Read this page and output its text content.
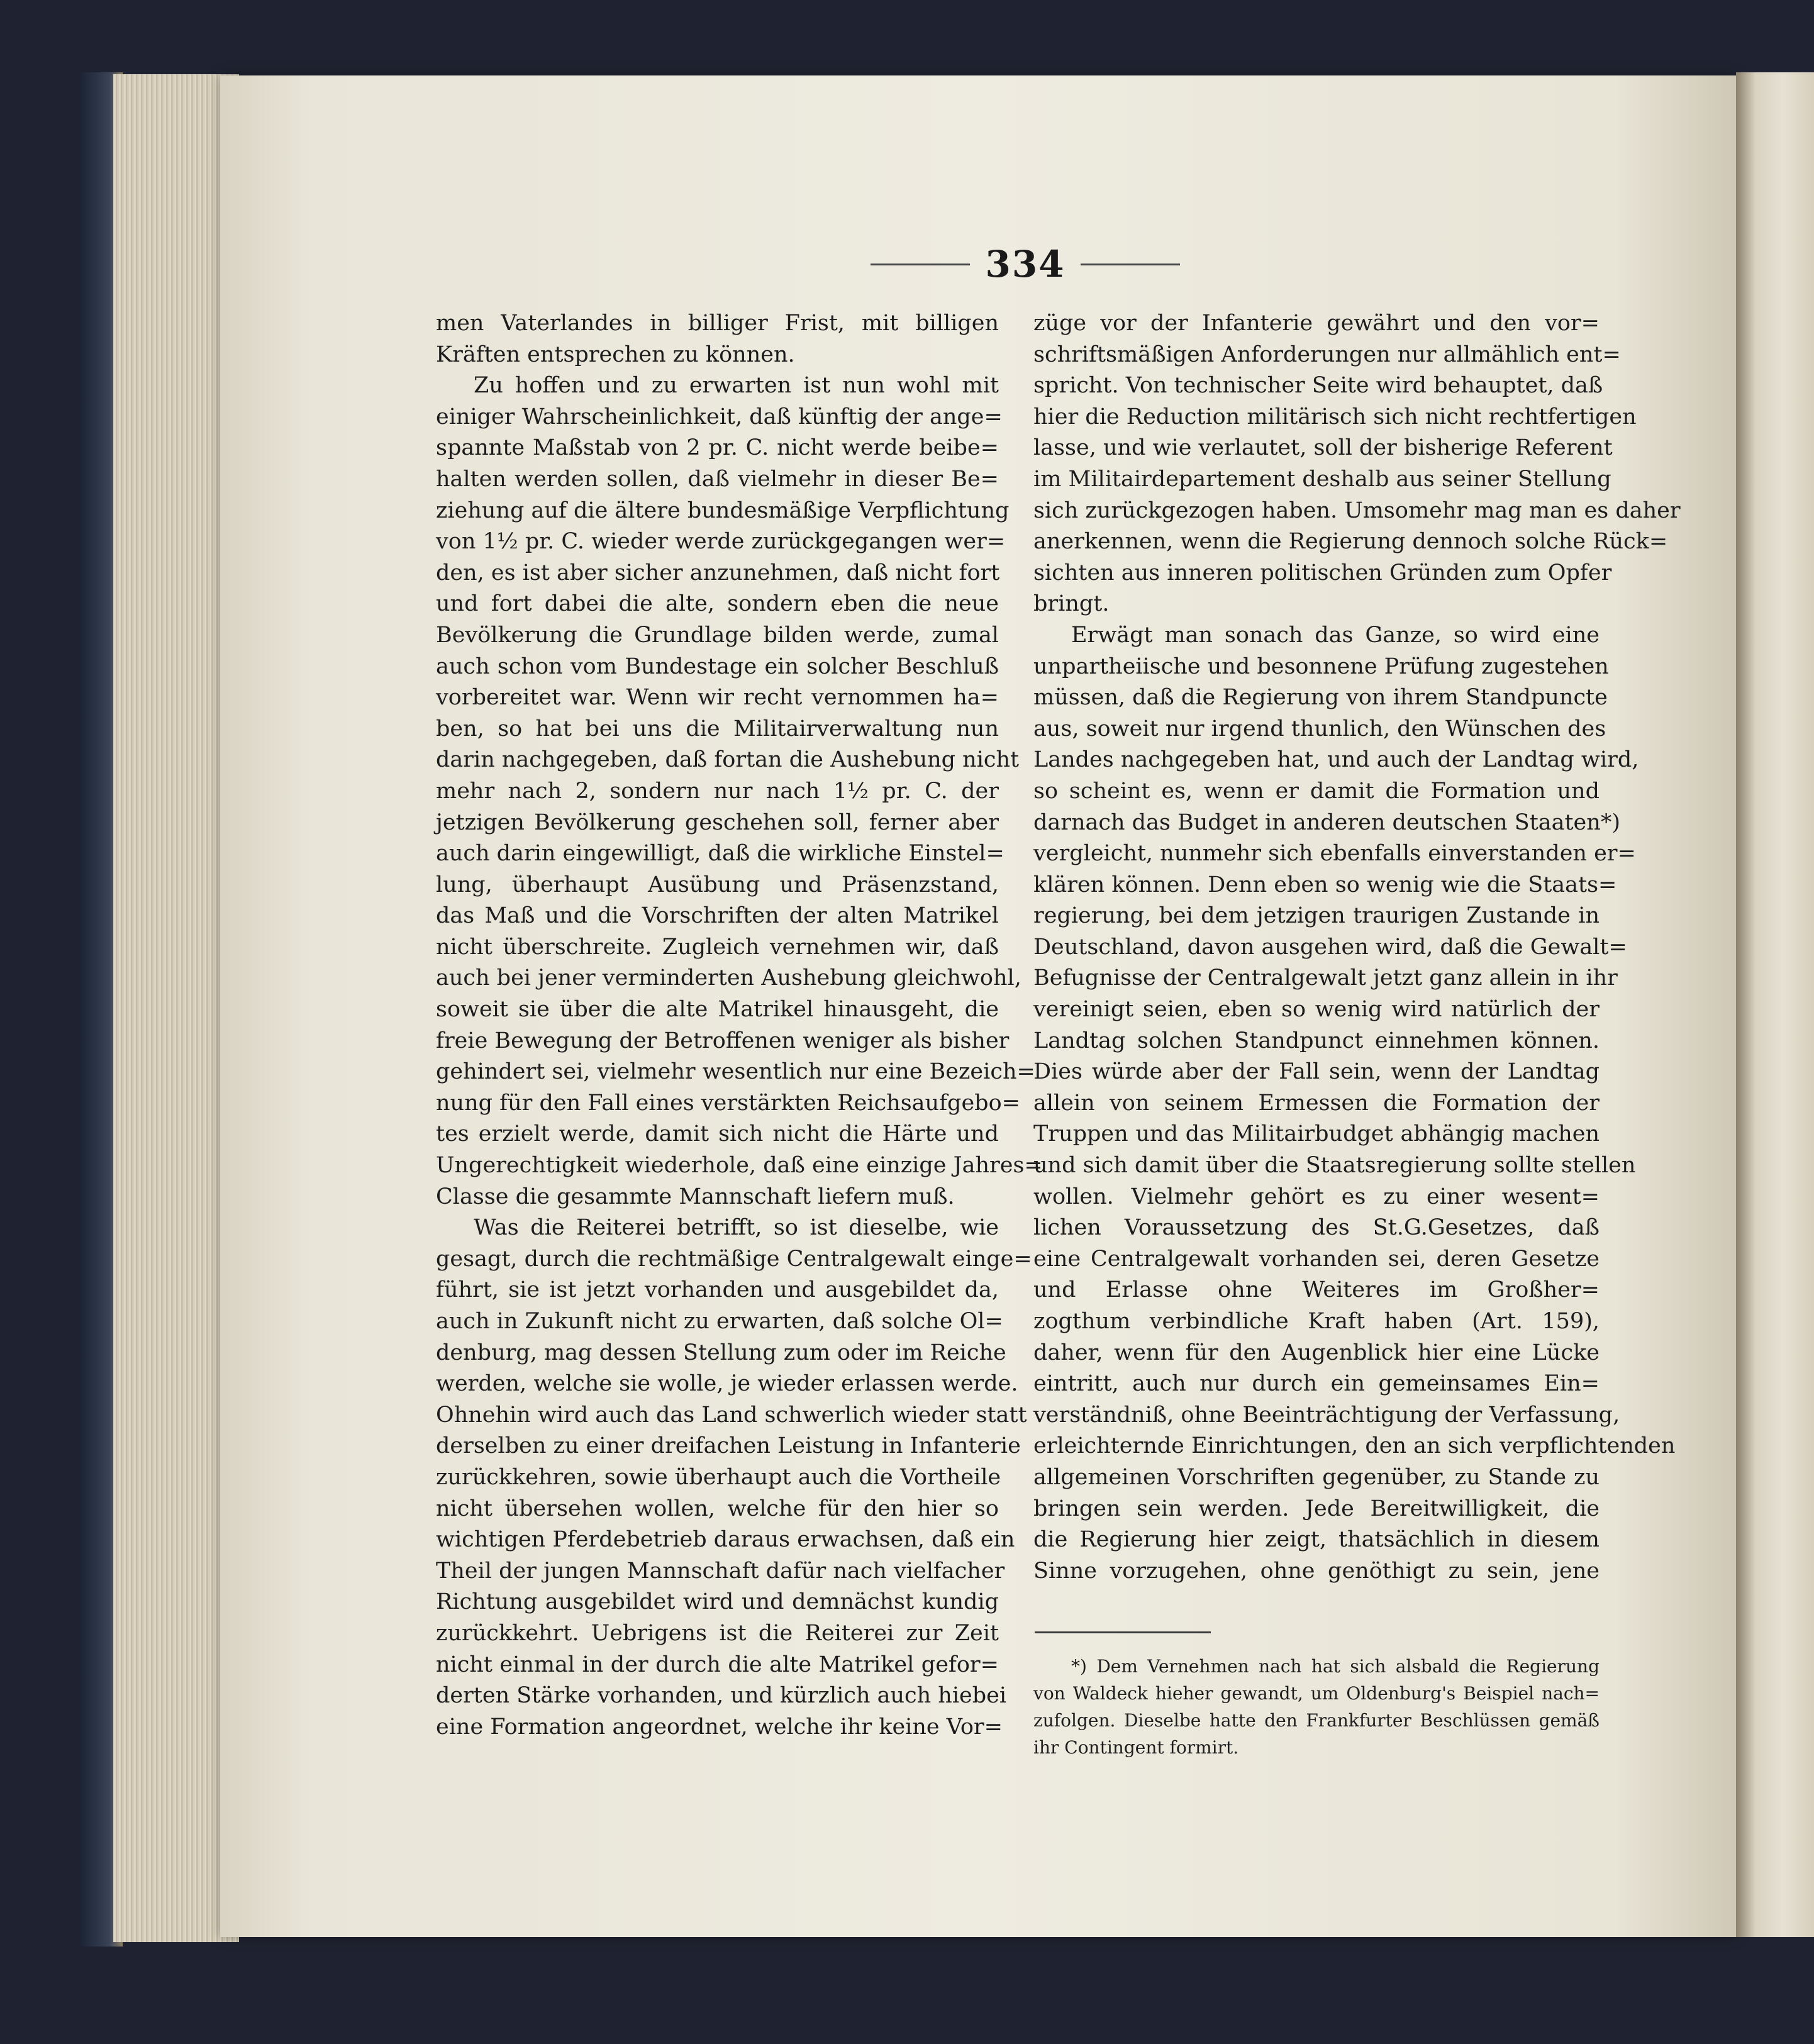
334
men Vaterlandes in billiger Frist, mit billigen
Kräften entsprechen zu können.
Zu hoffen und zu erwarten ist nun wohl mit
einiger Wahrscheinlichkeit, daß künftig der ange=
spannte Maßstab von 2 pr. C. nicht werde beibe=
halten werden sollen, daß vielmehr in dieser Be=
ziehung auf die ältere bundesmäßige Verpflichtung
von 1½ pr. C. wieder werde zurückgegangen wer=
den, es ist aber sicher anzunehmen, daß nicht fort
und fort dabei die alte, sondern eben die neue
Bevölkerung die Grundlage bilden werde, zumal
auch schon vom Bundestage ein solcher Beschluß
vorbereitet war. Wenn wir recht vernommen ha=
ben, so hat bei uns die Militairverwaltung nun
darin nachgegeben, daß fortan die Aushebung nicht
mehr nach 2, sondern nur nach 1½ pr. C. der
jetzigen Bevölkerung geschehen soll, ferner aber
auch darin eingewilligt, daß die wirkliche Einstel=
lung, überhaupt Ausübung und Präsenzstand,
das Maß und die Vorschriften der alten Matrikel
nicht überschreite. Zugleich vernehmen wir, daß
auch bei jener verminderten Aushebung gleichwohl,
soweit sie über die alte Matrikel hinausgeht, die
freie Bewegung der Betroffenen weniger als bisher
gehindert sei, vielmehr wesentlich nur eine Bezeich=
nung für den Fall eines verstärkten Reichsaufgebo=
tes erzielt werde, damit sich nicht die Härte und
Ungerechtigkeit wiederhole, daß eine einzige Jahres=
Classe die gesammte Mannschaft liefern muß.
Was die Reiterei betrifft, so ist dieselbe, wie
gesagt, durch die rechtmäßige Centralgewalt einge=
führt, sie ist jetzt vorhanden und ausgebildet da,
auch in Zukunft nicht zu erwarten, daß solche Ol=
denburg, mag dessen Stellung zum oder im Reiche
werden, welche sie wolle, je wieder erlassen werde.
Ohnehin wird auch das Land schwerlich wieder statt
derselben zu einer dreifachen Leistung in Infanterie
zurückkehren, sowie überhaupt auch die Vortheile
nicht übersehen wollen, welche für den hier so
wichtigen Pferdebetrieb daraus erwachsen, daß ein
Theil der jungen Mannschaft dafür nach vielfacher
Richtung ausgebildet wird und demnächst kundig
zurückkehrt. Uebrigens ist die Reiterei zur Zeit
nicht einmal in der durch die alte Matrikel gefor=
derten Stärke vorhanden, und kürzlich auch hiebei
eine Formation angeordnet, welche ihr keine Vor=
züge vor der Infanterie gewährt und den vor=
schriftsmäßigen Anforderungen nur allmählich ent=
spricht. Von technischer Seite wird behauptet, daß
hier die Reduction militärisch sich nicht rechtfertigen
lasse, und wie verlautet, soll der bisherige Referent
im Militairdepartement deshalb aus seiner Stellung
sich zurückgezogen haben. Umsomehr mag man es daher
anerkennen, wenn die Regierung dennoch solche Rück=
sichten aus inneren politischen Gründen zum Opfer
bringt.
Erwägt man sonach das Ganze, so wird eine
unpartheiische und besonnene Prüfung zugestehen
müssen, daß die Regierung von ihrem Standpuncte
aus, soweit nur irgend thunlich, den Wünschen des
Landes nachgegeben hat, und auch der Landtag wird,
so scheint es, wenn er damit die Formation und
darnach das Budget in anderen deutschen Staaten*)
vergleicht, nunmehr sich ebenfalls einverstanden er=
klären können. Denn eben so wenig wie die Staats=
regierung, bei dem jetzigen traurigen Zustande in
Deutschland, davon ausgehen wird, daß die Gewalt=
Befugnisse der Centralgewalt jetzt ganz allein in ihr
vereinigt seien, eben so wenig wird natürlich der
Landtag solchen Standpunct einnehmen können.
Dies würde aber der Fall sein, wenn der Landtag
allein von seinem Ermessen die Formation der
Truppen und das Militairbudget abhängig machen
und sich damit über die Staatsregierung sollte stellen
wollen. Vielmehr gehört es zu einer wesent=
lichen Voraussetzung des St.G.Gesetzes, daß
eine Centralgewalt vorhanden sei, deren Gesetze
und Erlasse ohne Weiteres im Großher=
zogthum verbindliche Kraft haben (Art. 159),
daher, wenn für den Augenblick hier eine Lücke
eintritt, auch nur durch ein gemeinsames Ein=
verständniß, ohne Beeinträchtigung der Verfassung,
erleichternde Einrichtungen, den an sich verpflichtenden
allgemeinen Vorschriften gegenüber, zu Stande zu
bringen sein werden. Jede Bereitwilligkeit, die
die Regierung hier zeigt, thatsächlich in diesem
Sinne vorzugehen, ohne genöthigt zu sein, jene
*) Dem Vernehmen nach hat sich alsbald die Regierung
von Waldeck hieher gewandt, um Oldenburg's Beispiel nach=
zufolgen. Dieselbe hatte den Frankfurter Beschlüssen gemäß
ihr Contingent formirt.
